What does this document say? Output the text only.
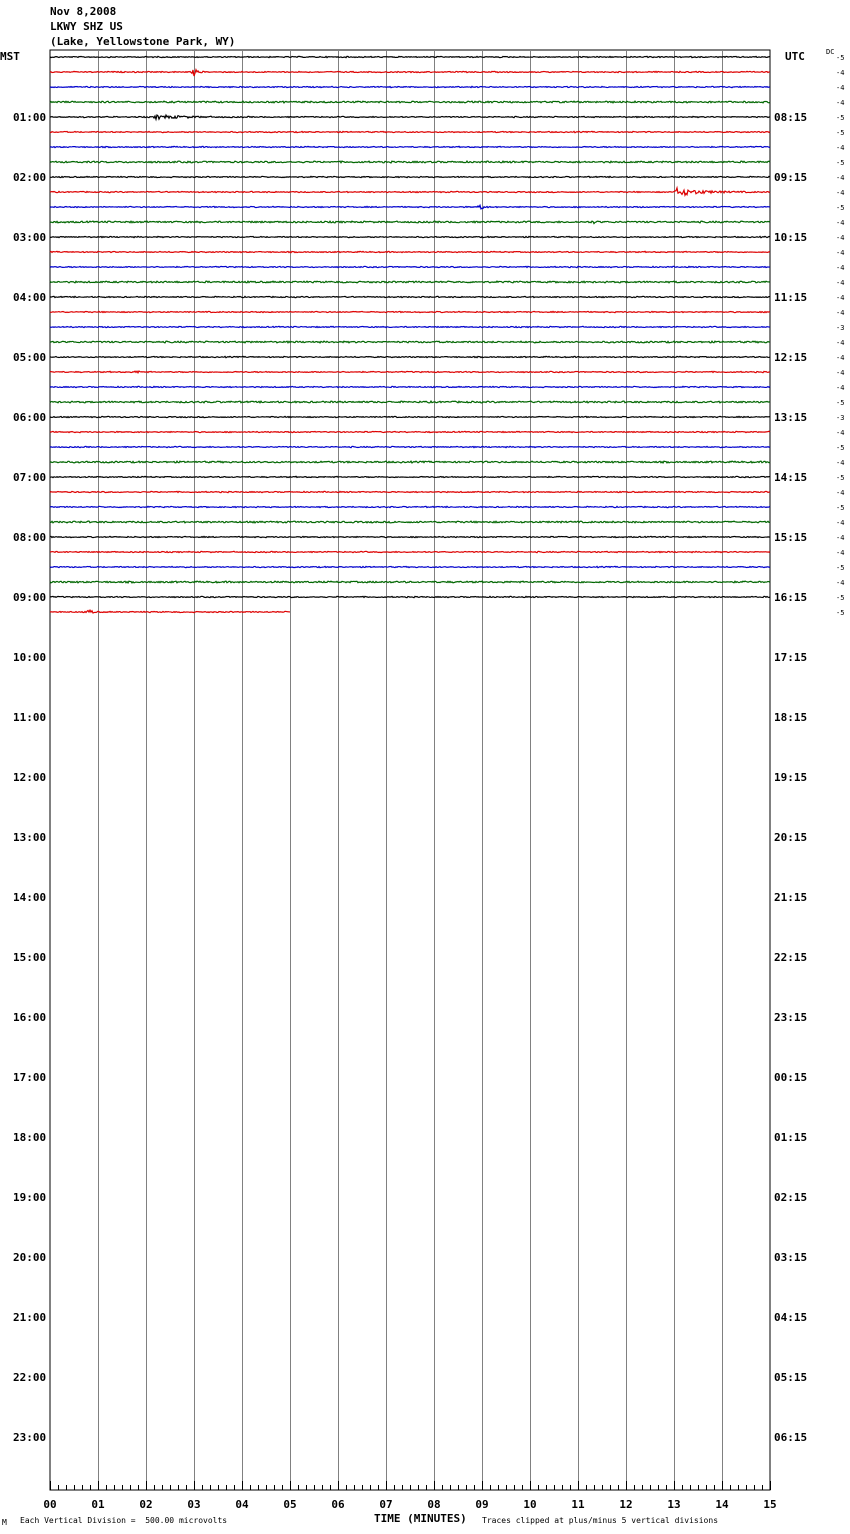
Nov 8,2008
LKWY SHZ US
(Lake, Yellowstone Park, WY)
MST	UTC	DC
-5
-4
-4
-4
-5
-5
-4
-5
-4
-4
-5
-4
-4
-4
-4
-4
-4
-4
-3
-4
-4
-4
-4
-5
-3
-4
-5
-4
-5
-4
-5
-4
-4
-4
-5
-4
-5
-5
01:00
02:00
03:00
04:00
05:00
06:00
07:00
08:00
09:00
10:00
11:00
12:00
13:00
14:00
15:00
16:00
17:00
18:00
19:00
20:00
21:00
22:00
23:00
08:15
09:15
10:15
11:15
12:15
13:15
14:15
15:15
16:15
17:15
18:15
19:15
20:15
21:15
22:15
23:15
00:15
01:15
02:15
03:15
04:15
05:15
06:15
00	01	02	03	04	05	06	07	08	09	10	11	12	13	14	15
Μ Each Vertical Division =  500.00 microvolts	TIME (MINUTES) Traces clipped at plus/minus 5 vertical divisions
